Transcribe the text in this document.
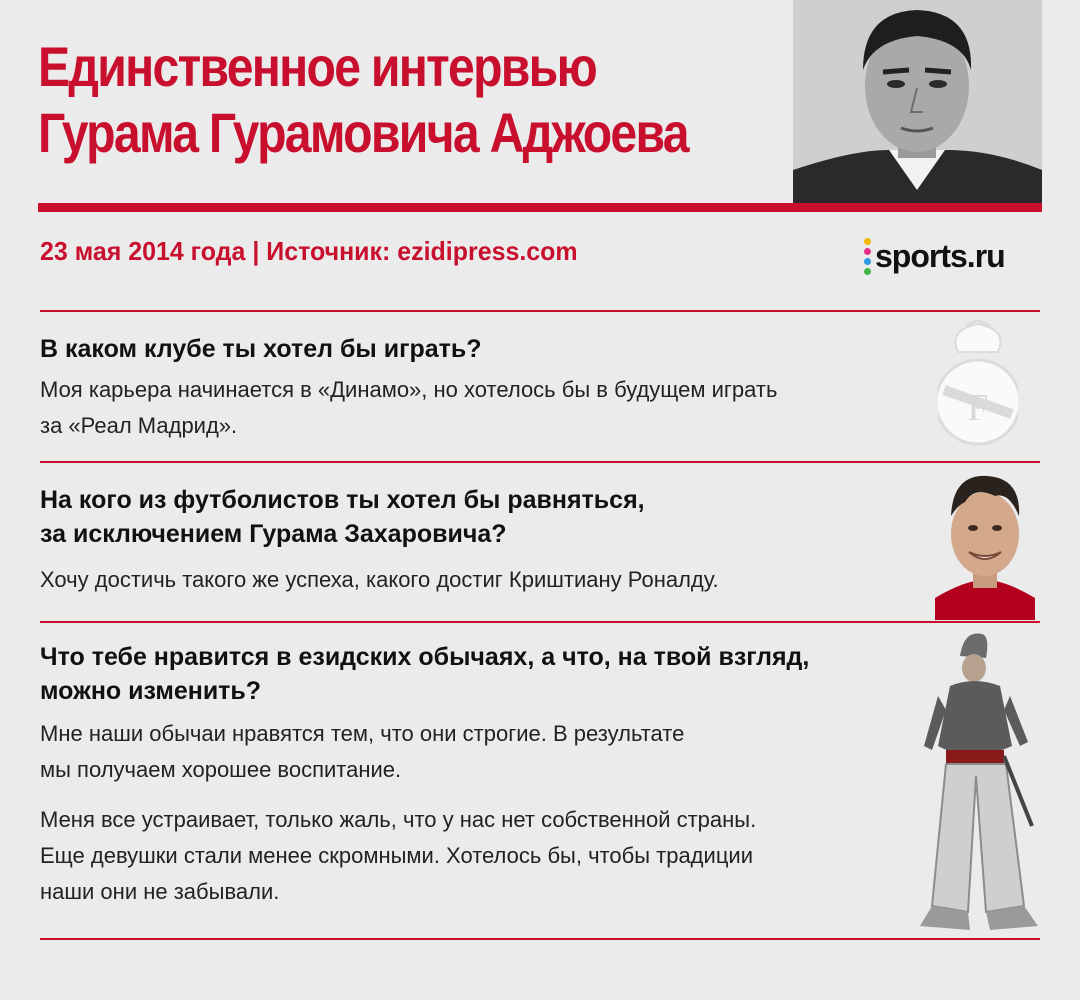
Единственное интервью
Гурама Гурамовича Аджоева
23 мая 2014 года | Источник: ezidipress.com	sports.ru

В каком клубе ты хотел бы играть?

Моя карьера начинается в «Динамо», но хотелось бы в будущем играть
за «Реал Мадрид».

На кого из футболистов ты хотел бы равняться,
за исключением Гурама Захаровича?

Хочу достичь такого же успеха, какого достиг Криштиану Роналду.

Что тебе нравится в езидских обычаях, а что, на твой взгляд,
можно изменить?

Мне наши обычаи нравятся тем, что они строгие. В результате
мы получаем хорошее воспитание.

Меня все устраивает, только жаль, что у нас нет собственной страны.
Еще девушки стали менее скромными. Хотелось бы, чтобы традиции
наши они не забывали.

F
